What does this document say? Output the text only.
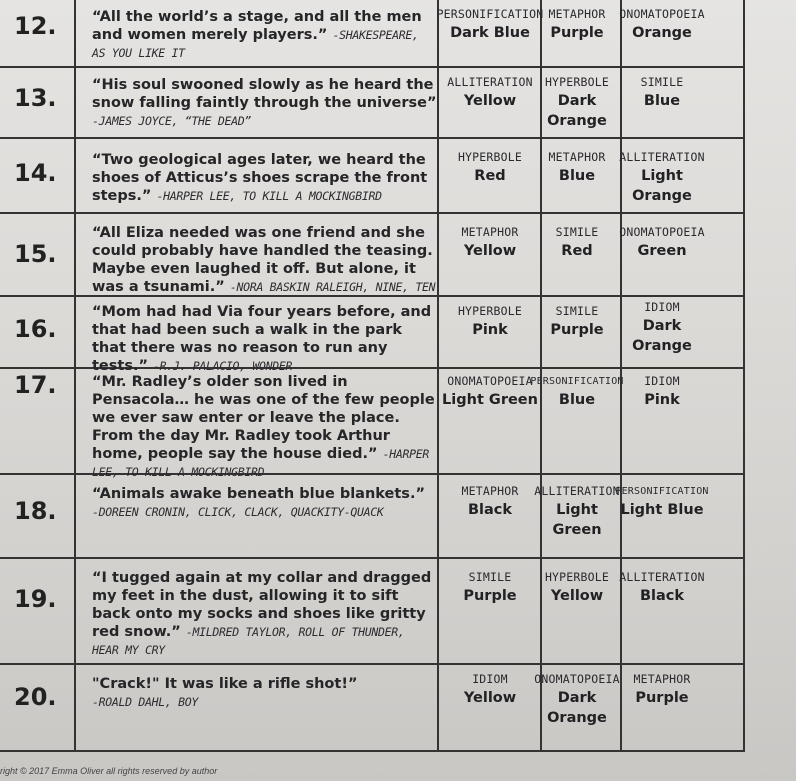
12. “All the world’s a stage, and all the men and women merely players.” -SHAKESPEARE, AS YOU LIKE IT
PERSONIFICATION
Dark Blue
METAPHOR
Purple
ONOMATOPOEIA
Orange
13. “His soul swooned slowly as he heard the snow falling faintly through the universe” -JAMES JOYCE, “THE DEAD”
ALLITERATION
Yellow
HYPERBOLE
Dark
Orange
SIMILE
Blue
14. “Two geological ages later, we heard the shoes of Atticus’s shoes scrape the front steps.” -HARPER LEE, TO KILL A MOCKINGBIRD
HYPERBOLE
Red
METAPHOR
Blue
ALLITERATION
Light
Orange
15.
“All Eliza needed was one friend and she could probably have handled the teasing. Maybe even laughed it off. But alone, it was a tsunami.” -NORA BASKIN RALEIGH, NINE, TEN
METAPHOR
Yellow
SIMILE
Red
ONOMATOPOEIA
Green
16.
“Mom had had Via four years before, and that had been such a walk in the park that there was no reason to run any tests.” -R.J. PALACIO, WONDER
HYPERBOLE
Pink
SIMILE
Purple
IDIOM
Dark
Orange
17. “Mr. Radley’s older son lived in Pensacola… he was one of the few people we ever saw enter or leave the place. From the day Mr. Radley took Arthur home, people say the house died.” -HARPER LEE, TO KILL A MOCKINGBIRD
ONOMATOPOEIA
Light Green
PERSONIFICATION
Blue
IDIOM
Pink
18.
“Animals awake beneath blue blankets.”
-DOREEN CRONIN, CLICK, CLACK, QUACKITY-QUACK
METAPHOR
Black
ALLITERATION
Light
Green
PERSONIFICATION
Light Blue
19.
“I tugged again at my collar and dragged my feet in the dust, allowing it to sift back onto my socks and shoes like gritty red snow.” -MILDRED TAYLOR, ROLL OF THUNDER, HEAR MY CRY
SIMILE
Purple
HYPERBOLE
Yellow
ALLITERATION
Black
20. "Crack!" It was like a rifle shot!”
-ROALD DAHL, BOY
IDIOM
Yellow
ONOMATOPOEIA
Dark
Orange
METAPHOR
Purple
right © 2017 Emma Oliver all rights reserved by author
